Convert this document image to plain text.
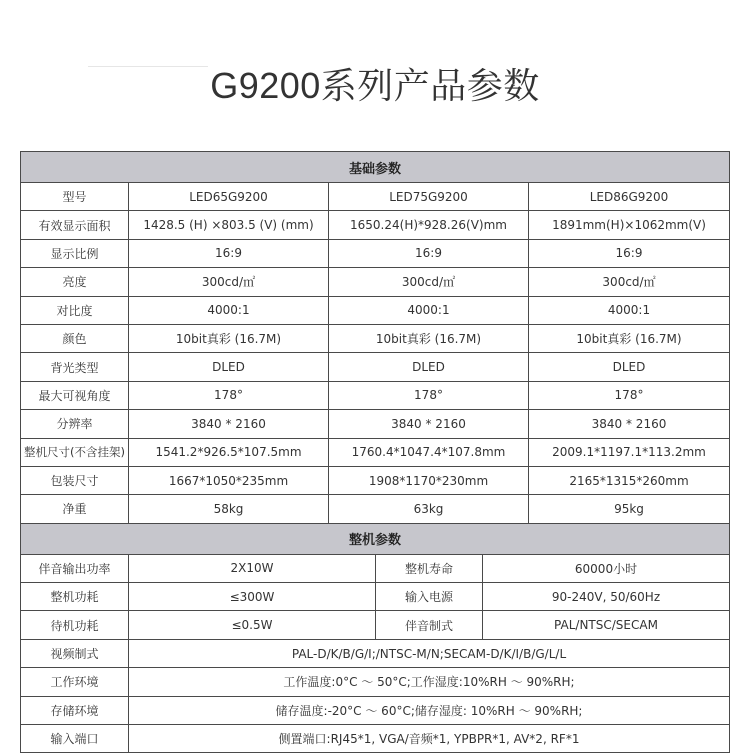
G9200系列产品参数
基础参数					
型号	LED65G9200	LED75G9200			LED86G9200
有效显示面积	1428.5 (H) ×803.5 (V) (mm)	1650.24(H)*928.26(V)mm			1891mm(H)×1062mm(V)
显示比例	16:9	16:9			16:9
亮度	300cd/㎡	300cd/㎡			300cd/㎡
对比度	4000:1	4000:1			4000:1
颜色	10bit真彩 (16.7M)	10bit真彩 (16.7M)			10bit真彩 (16.7M)
背光类型	DLED	DLED			DLED
最大可视角度	178°	178°			178°
分辨率	3840 * 2160	3840 * 2160			3840 * 2160
整机尺寸(不含挂架)	1541.2*926.5*107.5mm	1760.4*1047.4*107.8mm			2009.1*1197.1*113.2mm
包装尺寸	1667*1050*235mm	1908*1170*230mm			2165*1315*260mm
净重	58kg	63kg			95kg
整机参数					
伴音输出功率	2X10W		整机寿命	60000小时	
整机功耗	≤300W		输入电源	90-240V, 50/60Hz	
待机功耗	≤0.5W		伴音制式	PAL/NTSC/SECAM	
视频制式	PAL-D/K/B/G/I;/NTSC-M/N;SECAM-D/K/I/B/G/L/L				
工作环境	工作温度:0°C ～ 50°C;工作湿度:10%RH ～ 90%RH;				
存储环境	储存温度:-20°C ～ 60°C;储存湿度: 10%RH ～ 90%RH;				
输入端口	侧置端口:RJ45*1, VGA/音频*1, YPBPR*1, AV*2, RF*1				
